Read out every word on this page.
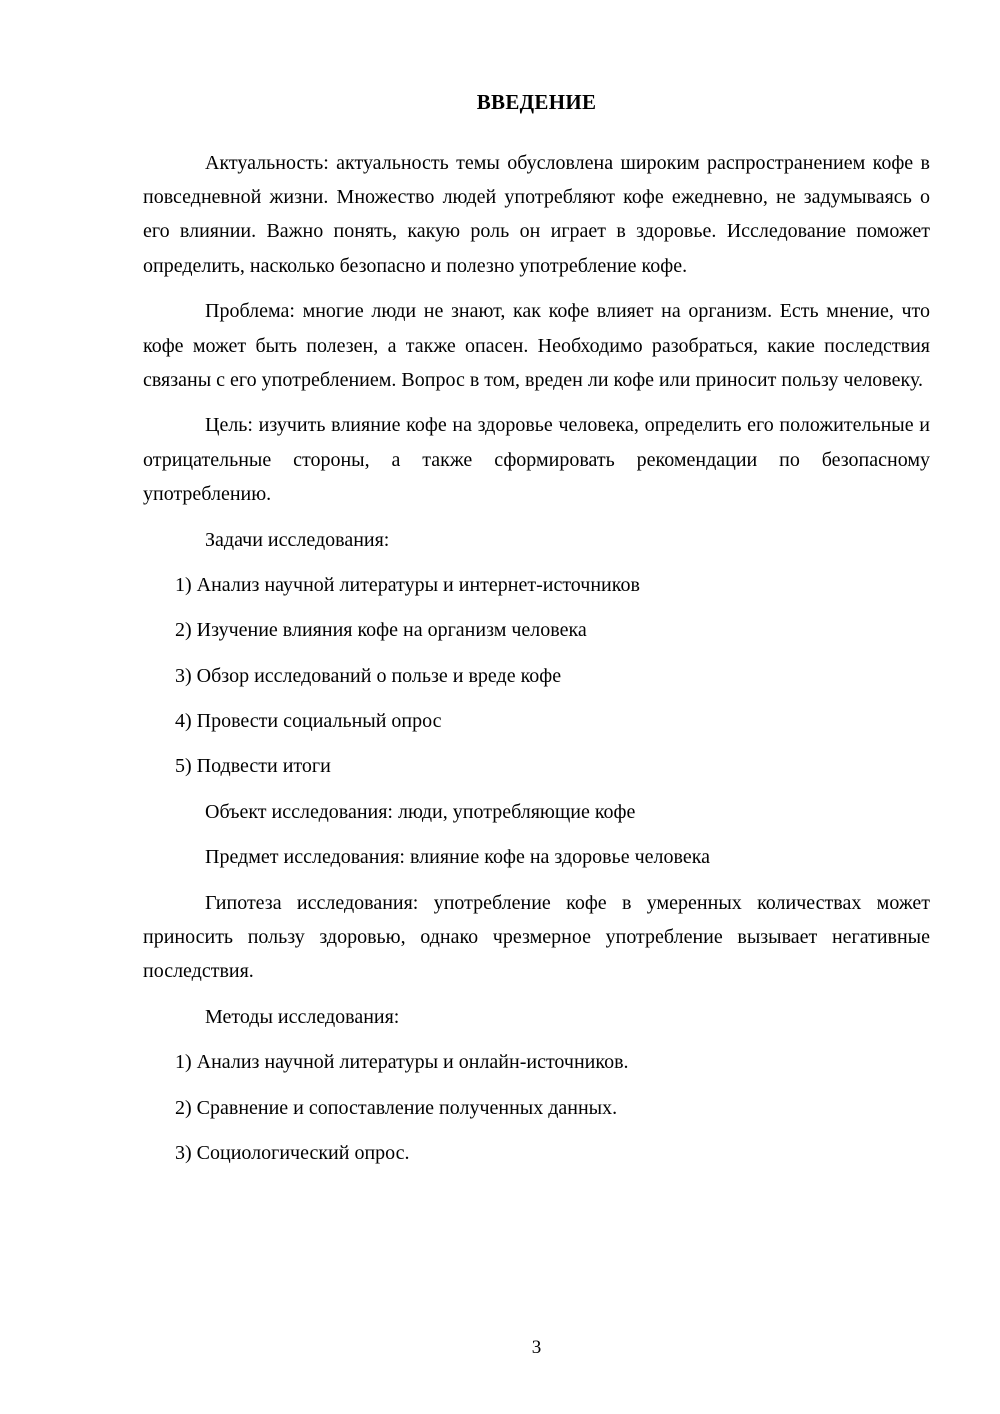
ВВЕДЕНИЕ

Актуальность: актуальность темы обусловлена широким распространением кофе в повседневной жизни. Множество людей употребляют кофе ежедневно, не задумываясь о его влиянии. Важно понять, какую роль он играет в здоровье. Исследование поможет определить, насколько безопасно и полезно употребление кофе.

Проблема: многие люди не знают, как кофе влияет на организм. Есть мнение, что кофе может быть полезен, а также опасен. Необходимо разобраться, какие последствия связаны с его употреблением. Вопрос в том, вреден ли кофе или приносит пользу человеку.

Цель: изучить влияние кофе на здоровье человека, определить его положительные и отрицательные стороны, а также сформировать рекомендации по безопасному употреблению.

Задачи исследования:

1) Анализ научной литературы и интернет-источников

2) Изучение влияния кофе на организм человека

3) Обзор исследований о пользе и вреде кофе

4) Провести социальный опрос

5) Подвести итоги

Объект исследования: люди, употребляющие кофе

Предмет исследования: влияние кофе на здоровье человека

Гипотеза исследования: употребление кофе в умеренных количествах может приносить пользу здоровью, однако чрезмерное употребление вызывает негативные последствия.

Методы исследования:

1) Анализ научной литературы и онлайн-источников.

2) Сравнение и сопоставление полученных данных.

3) Социологический опрос.

3
